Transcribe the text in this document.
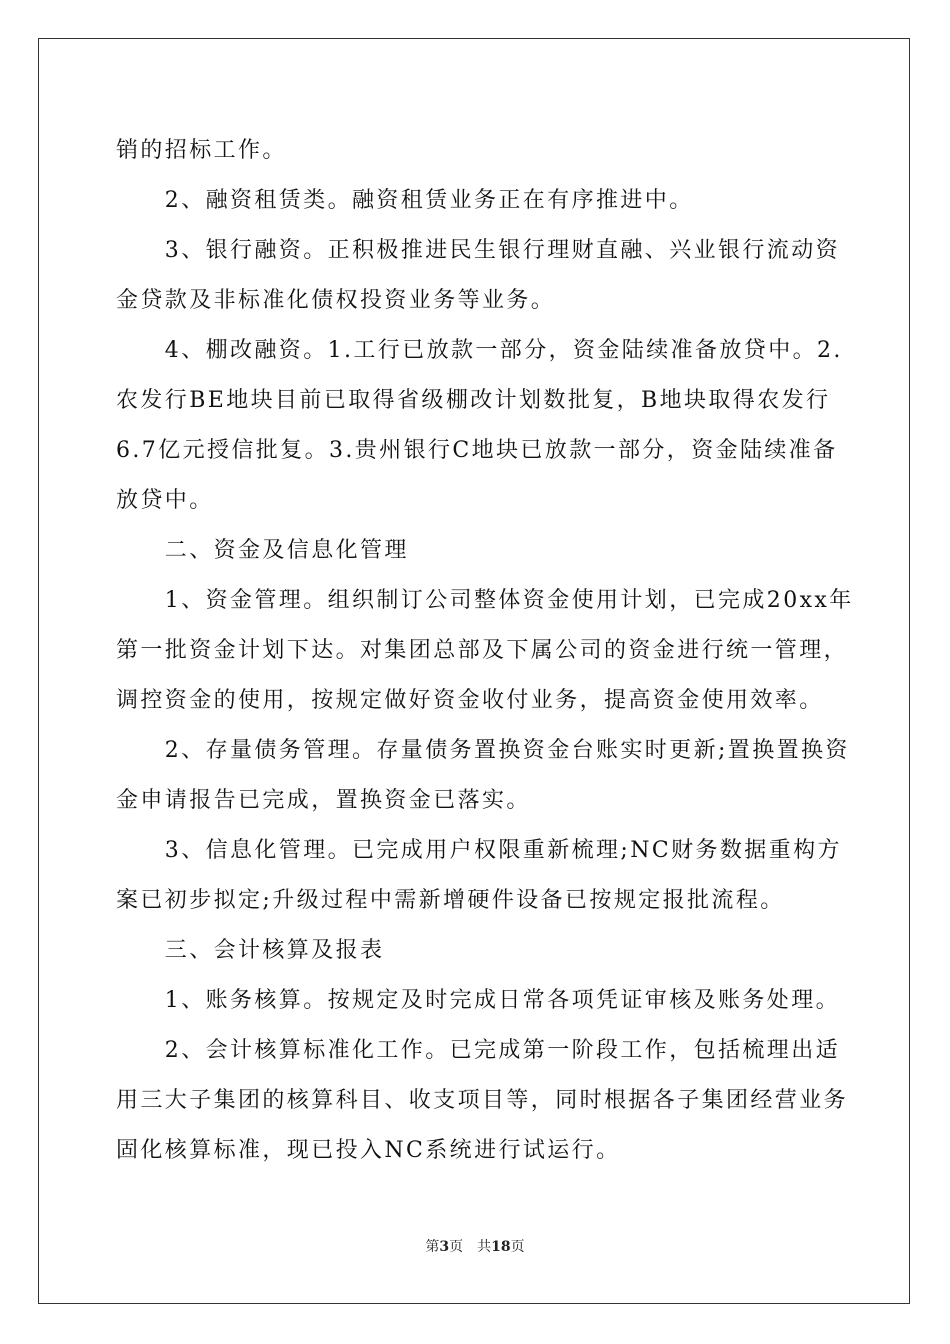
销的招标工作。
　　2、融资租赁类。融资租赁业务正在有序推进中。
　　3、银行融资。正积极推进民生银行理财直融、兴业银行流动资
金贷款及非标准化债权投资业务等业务。
　　4、棚改融资。1.工行已放款一部分，资金陆续准备放贷中。2.
农发行BE地块目前已取得省级棚改计划数批复，B地块取得农发行
6.7亿元授信批复。3.贵州银行C地块已放款一部分，资金陆续准备
放贷中。
　　二、资金及信息化管理
　　1、资金管理。组织制订公司整体资金使用计划，已完成20xx年
第一批资金计划下达。对集团总部及下属公司的资金进行统一管理，
调控资金的使用，按规定做好资金收付业务，提高资金使用效率。
　　2、存量债务管理。存量债务置换资金台账实时更新;置换置换资
金申请报告已完成，置换资金已落实。
　　3、信息化管理。已完成用户权限重新梳理;NC财务数据重构方
案已初步拟定;升级过程中需新增硬件设备已按规定报批流程。
　　三、会计核算及报表
　　1、账务核算。按规定及时完成日常各项凭证审核及账务处理。
　　2、会计核算标准化工作。已完成第一阶段工作，包括梳理出适
用三大子集团的核算科目、收支项目等，同时根据各子集团经营业务
固化核算标准，现已投入NC系统进行试运行。
第3页 共18页
